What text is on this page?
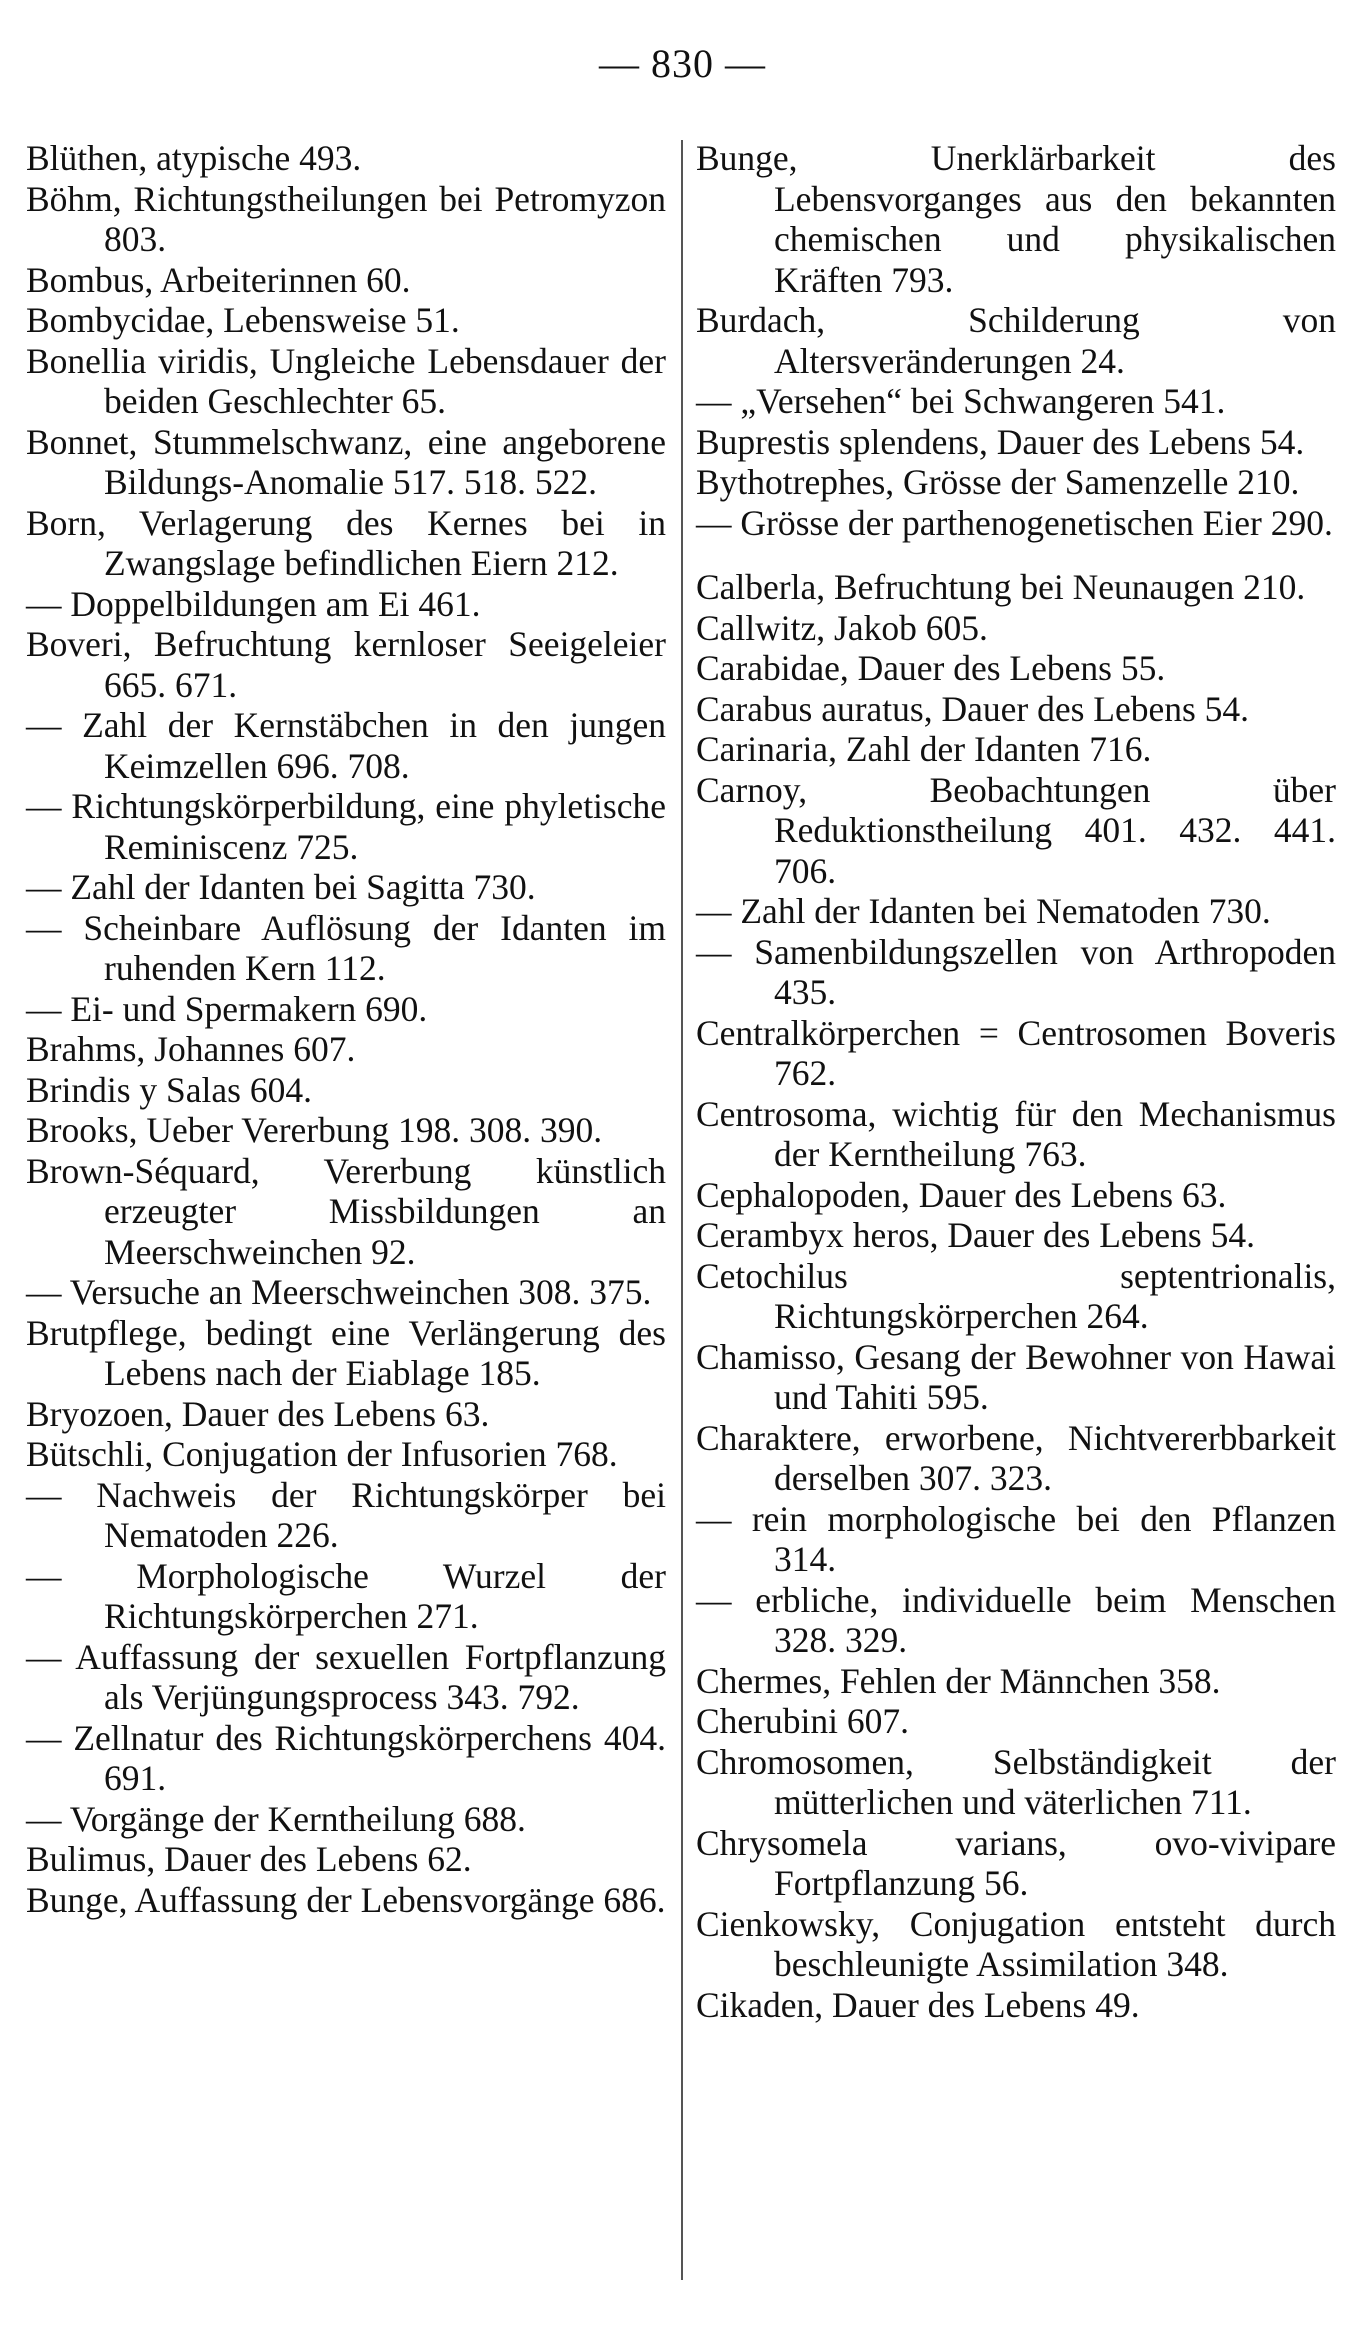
— 830 —

Blüthen, atypische 493.

Böhm, Richtungstheilungen bei Petromyzon 803.

Bombus, Arbeiterinnen 60.

Bombycidae, Lebensweise 51.

Bonellia viridis, Ungleiche Lebensdauer der beiden Geschlechter 65.

Bonnet, Stummelschwanz, eine angeborene Bildungs-Anomalie 517. 518. 522.

Born, Verlagerung des Kernes bei in Zwangslage befindlichen Eiern 212.

— Doppelbildungen am Ei 461.

Boveri, Befruchtung kernloser Seeigeleier 665. 671.

— Zahl der Kernstäbchen in den jungen Keimzellen 696. 708.

— Richtungskörperbildung, eine phyletische Reminiscenz 725.

— Zahl der Idanten bei Sagitta 730.

— Scheinbare Auflösung der Idanten im ruhenden Kern 112.

— Ei- und Spermakern 690.

Brahms, Johannes 607.

Brindis y Salas 604.

Brooks, Ueber Vererbung 198. 308. 390.

Brown-Séquard, Vererbung künstlich erzeugter Missbildungen an Meerschweinchen 92.

— Versuche an Meerschweinchen 308. 375.

Brutpflege, bedingt eine Verlängerung des Lebens nach der Eiablage 185.

Bryozoen, Dauer des Lebens 63.

Bütschli, Conjugation der Infusorien 768.

— Nachweis der Richtungskörper bei Nematoden 226.

— Morphologische Wurzel der Richtungskörperchen 271.

— Auffassung der sexuellen Fortpflanzung als Verjüngungsprocess 343. 792.

— Zellnatur des Richtungskörperchens 404. 691.

— Vorgänge der Kerntheilung 688.

Bulimus, Dauer des Lebens 62.

Bunge, Auffassung der Lebensvorgänge 686.

Bunge, Unerklärbarkeit des Lebensvorganges aus den bekannten chemischen und physikalischen Kräften 793.

Burdach, Schilderung von Altersveränderungen 24.

— „Versehen“ bei Schwangeren 541.

Buprestis splendens, Dauer des Lebens 54.

Bythotrephes, Grösse der Samenzelle 210.

— Grösse der parthenogenetischen Eier 290.

Calberla, Befruchtung bei Neunaugen 210.

Callwitz, Jakob 605.

Carabidae, Dauer des Lebens 55.

Carabus auratus, Dauer des Lebens 54.

Carinaria, Zahl der Idanten 716.

Carnoy, Beobachtungen über Reduktionstheilung 401. 432. 441. 706.

— Zahl der Idanten bei Nematoden 730.

— Samenbildungszellen von Arthropoden 435.

Centralkörperchen = Centrosomen Boveris 762.

Centrosoma, wichtig für den Mechanismus der Kerntheilung 763.

Cephalopoden, Dauer des Lebens 63.

Cerambyx heros, Dauer des Lebens 54.

Cetochilus septentrionalis, Richtungskörperchen 264.

Chamisso, Gesang der Bewohner von Hawai und Tahiti 595.

Charaktere, erworbene, Nichtvererbbarkeit derselben 307. 323.

— rein morphologische bei den Pflanzen 314.

— erbliche, individuelle beim Menschen 328. 329.

Chermes, Fehlen der Männchen 358.

Cherubini 607.

Chromosomen, Selbständigkeit der mütterlichen und väterlichen 711.

Chrysomela varians, ovo-vivipare Fortpflanzung 56.

Cienkowsky, Conjugation entsteht durch beschleunigte Assimilation 348.

Cikaden, Dauer des Lebens 49.
